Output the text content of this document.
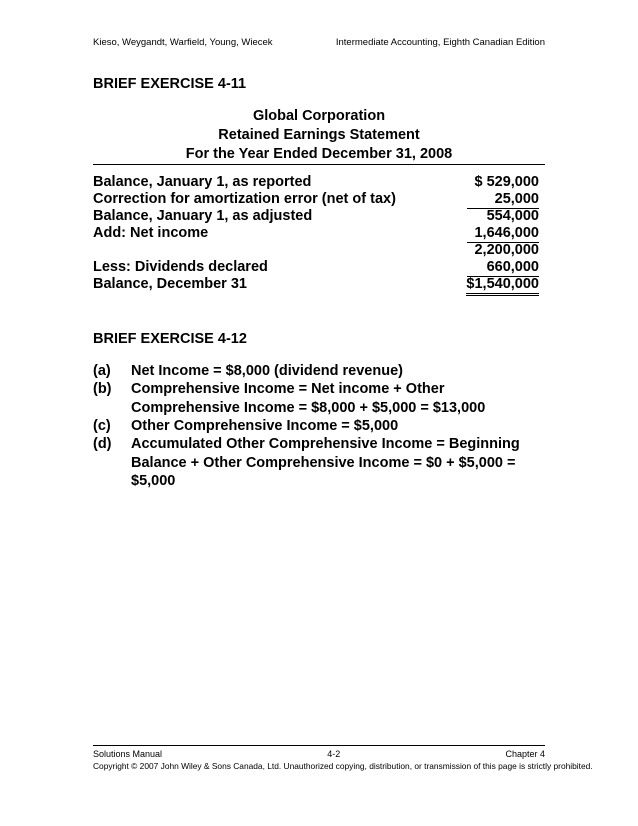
Kieso, Weygandt, Warfield, Young, Wiecek	Intermediate Accounting, Eighth Canadian Edition
BRIEF EXERCISE 4-11
Global Corporation
Retained Earnings Statement
For the Year Ended December 31, 2008
Balance, January 1, as reported	$ 529,000
Correction for amortization error (net of tax)	25,000
Balance, January 1, as adjusted	554,000
Add: Net income	1,646,000
2,200,000
Less: Dividends declared	660,000
Balance, December 31	$1,540,000
BRIEF EXERCISE 4-12
(a) Net Income = $8,000 (dividend revenue)
(b) Comprehensive Income = Net income + Other Comprehensive Income = $8,000 + $5,000 = $13,000
(c) Other Comprehensive Income = $5,000
(d) Accumulated Other Comprehensive Income = Beginning Balance + Other Comprehensive Income = $0 + $5,000 = $5,000
Solutions Manual	4-2	Chapter 4
Copyright © 2007 John Wiley & Sons Canada, Ltd. Unauthorized copying, distribution, or transmission of this page is strictly prohibited.
